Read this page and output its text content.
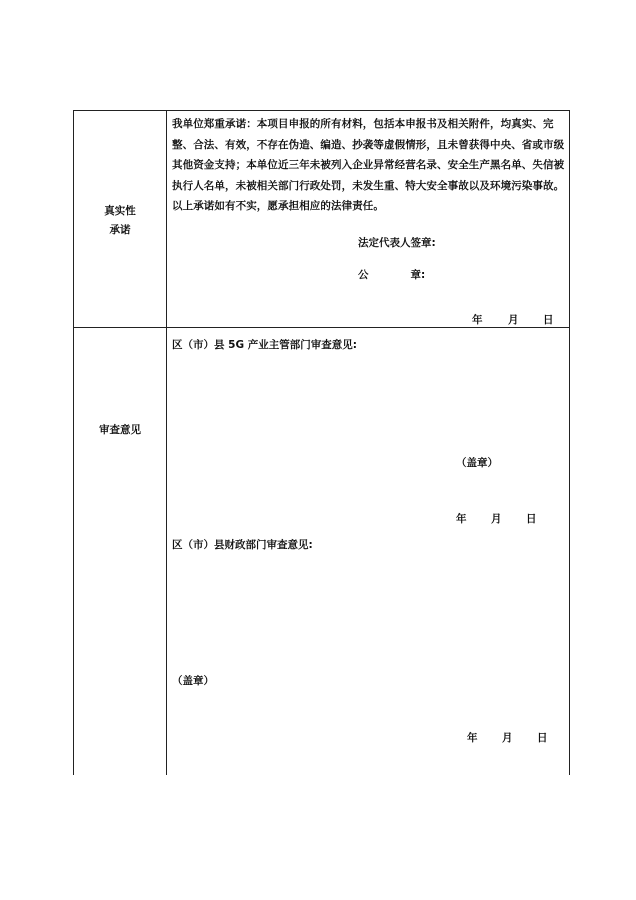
真实性
承诺
我单位郑重承诺：本项目申报的所有材料，包括本申报书及相关附件，均真实、完整、合法、有效，不存在伪造、编造、抄袭等虚假情形，且未曾获得中央、省或市级其他资金支持；本单位近三年未被列入企业异常经营名录、安全生产黑名单、失信被执行人名单，未被相关部门行政处罚，未发生重、特大安全事故以及环境污染事故。以上承诺如有不实，愿承担相应的法律责任。
法定代表人签章:
公　　　　章:
年 月 日
审查意见
区（市）县 5G 产业主管部门审查意见:
（盖章）
年 月 日
区（市）县财政部门审查意见:
（盖章）
年 月 日
